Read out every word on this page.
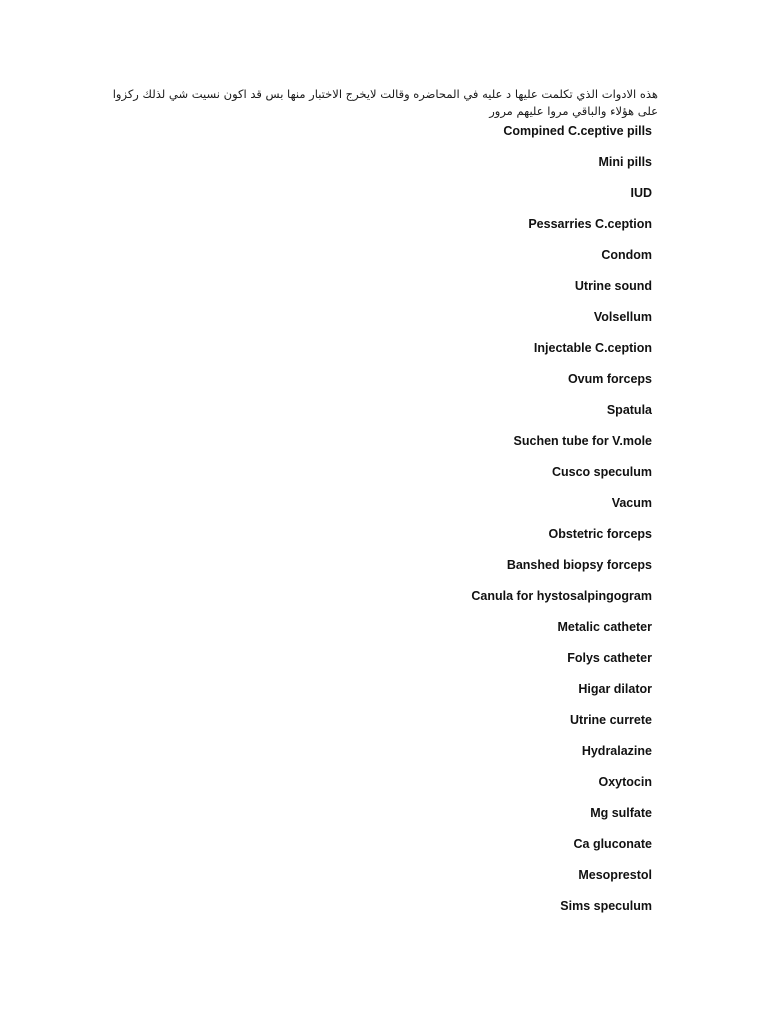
هذه الادوات الذي تكلمت عليها د عليه في المحاضره وقالت لايخرج الاختبار منها بس قد اكون نسيت شي لذلك ركزوا
على هؤلاء والباقي مروا عليهم مرور
Compined C.ceptive pills
Mini pills
IUD
Pessarries C.ception
Condom
Utrine sound
Volsellum
Injectable C.ception
Ovum forceps
Spatula
Suchen tube for V.mole
Cusco speculum
Vacum
Obstetric forceps
Banshed biopsy forceps
Canula for hystosalpingogram
Metalic catheter
Folys catheter
Higar dilator
Utrine currete
Hydralazine
Oxytocin
Mg sulfate
Ca gluconate
Mesoprestol
Sims speculum
